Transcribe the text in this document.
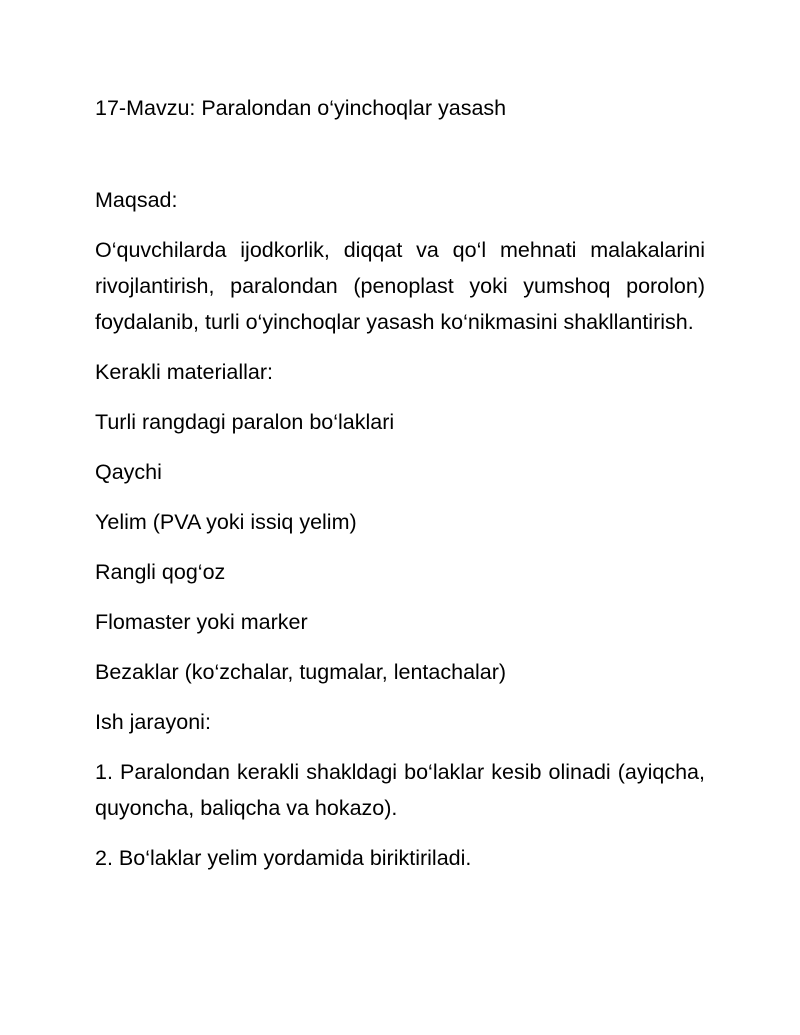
17-Mavzu: Paralondan o‘yinchoqlar yasash

Maqsad:

O‘quvchilarda ijodkorlik, diqqat va qo‘l mehnati malakalarini rivojlantirish, paralondan (penoplast yoki yumshoq porolon) foydalanib, turli o‘yinchoqlar yasash ko‘nikmasini shakllantirish.

Kerakli materiallar:

Turli rangdagi paralon bo‘laklari

Qaychi

Yelim (PVA yoki issiq yelim)

Rangli qog‘oz

Flomaster yoki marker

Bezaklar (ko‘zchalar, tugmalar, lentachalar)

Ish jarayoni:

1. Paralondan kerakli shakldagi bo‘laklar kesib olinadi (ayiqcha, quyoncha, baliqcha va hokazo).

2. Bo‘laklar yelim yordamida biriktiriladi.
